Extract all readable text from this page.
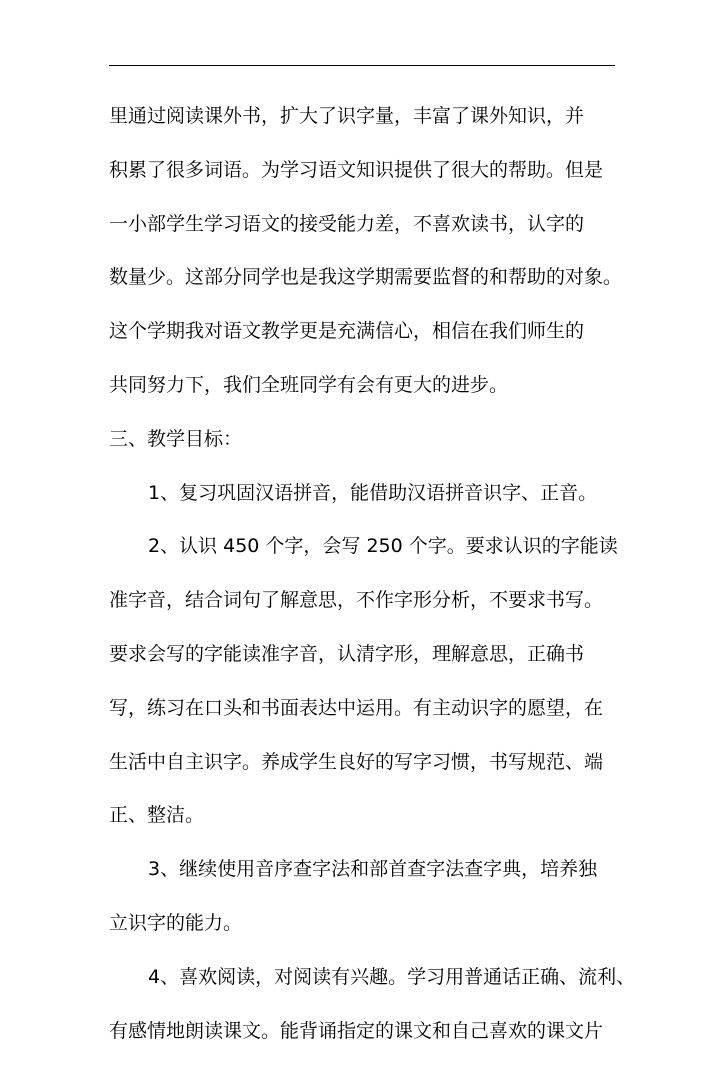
里通过阅读课外书，扩大了识字量，丰富了课外知识，并
积累了很多词语。为学习语文知识提供了很大的帮助。但是
一小部学生学习语文的接受能力差，不喜欢读书，认字的
数量少。这部分同学也是我这学期需要监督的和帮助的对象。
这个学期我对语文教学更是充满信心，相信在我们师生的
共同努力下，我们全班同学有会有更大的进步。
三、教学目标：
1、复习巩固汉语拼音，能借助汉语拼音识字、正音。
2、认识 450 个字，会写 250 个字。要求认识的字能读
准字音，结合词句了解意思，不作字形分析，不要求书写。
要求会写的字能读准字音，认清字形，理解意思，正确书
写，练习在口头和书面表达中运用。有主动识字的愿望，在
生活中自主识字。养成学生良好的写字习惯，书写规范、端
正、整洁。
3、继续使用音序查字法和部首查字法查字典，培养独
立识字的能力。
4、喜欢阅读，对阅读有兴趣。学习用普通话正确、流利、
有感情地朗读课文。能背诵指定的课文和自己喜欢的课文片
